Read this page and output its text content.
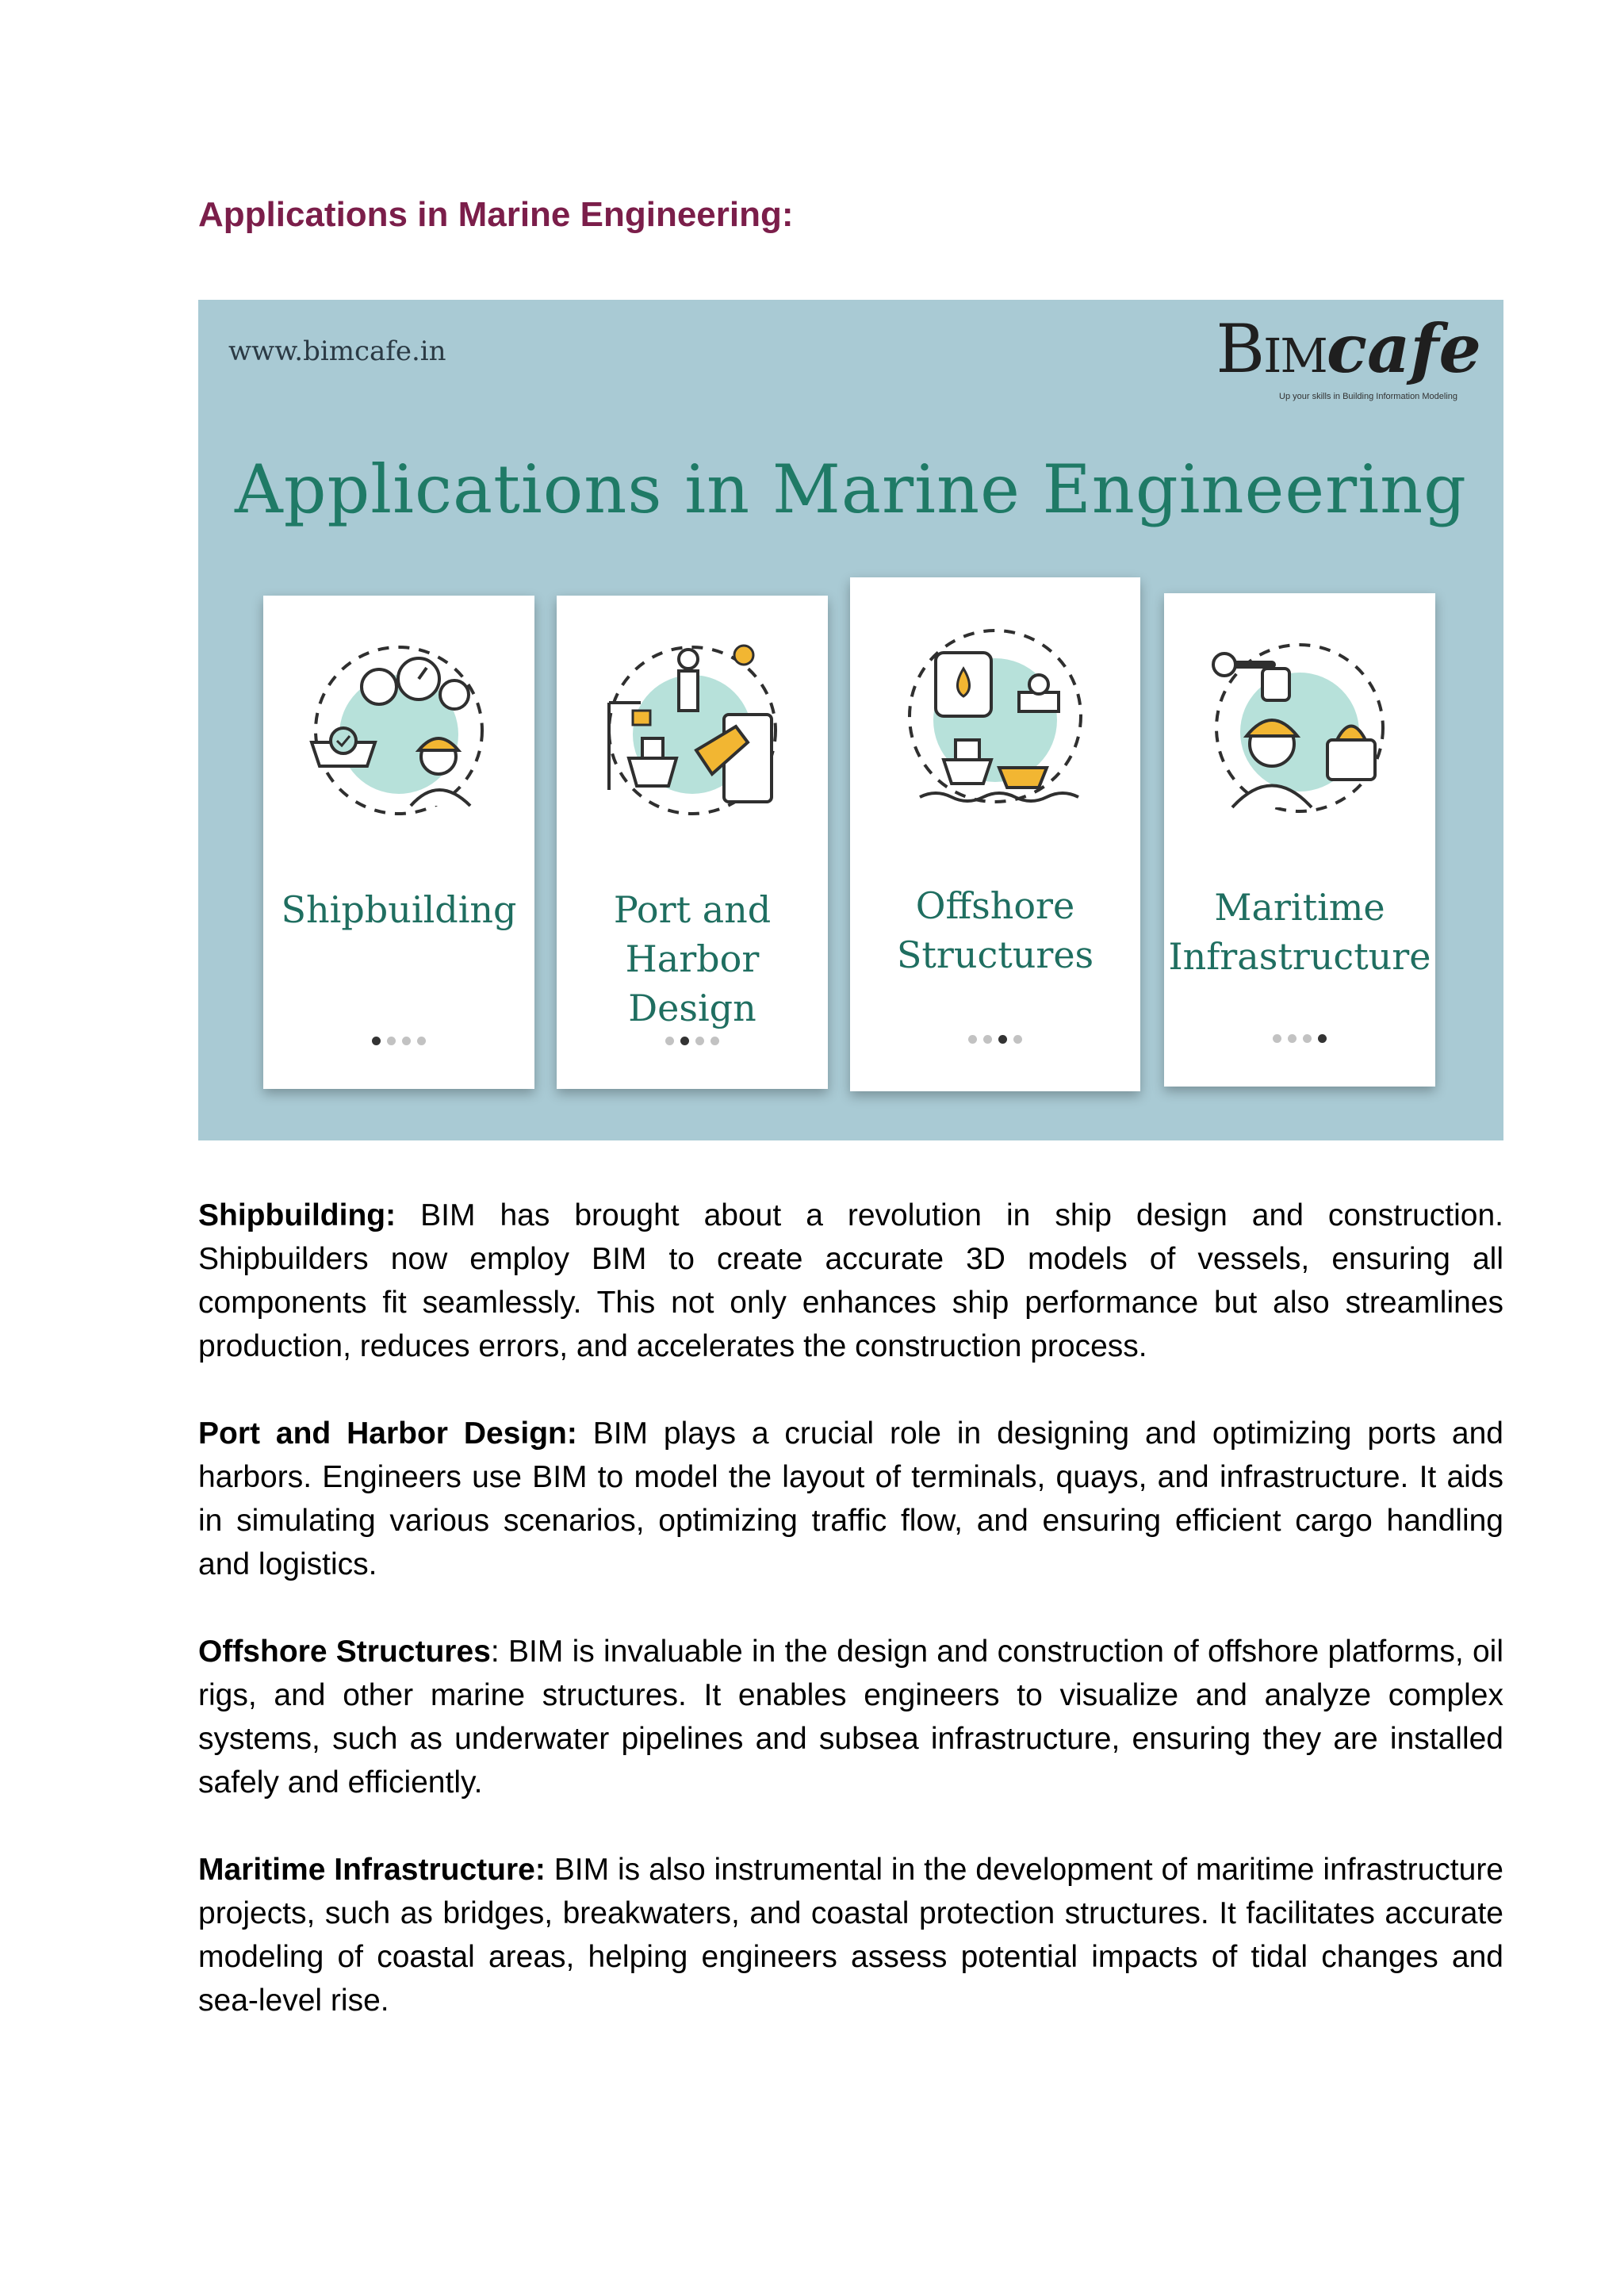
Applications in Marine Engineering:
www.bimcafe.in	Bimcafe
Up your skills in Building Information Modeling
Applications in Marine Engineering
Shipbuilding	Port and
Harbor Design
Offshore
Structures
Maritime
Infrastructure

Shipbuilding: BIM has brought about a revolution in ship design and construction. Shipbuilders now employ BIM to create accurate 3D models of vessels, ensuring all components fit seamlessly. This not only enhances ship performance but also streamlines production, reduces errors, and accelerates the construction process.

Port and Harbor Design: BIM plays a crucial role in designing and optimizing ports and harbors. Engineers use BIM to model the layout of terminals, quays, and infrastructure. It aids in simulating various scenarios, optimizing traffic flow, and ensuring efficient cargo handling and logistics.

Offshore Structures: BIM is invaluable in the design and construction of offshore platforms, oil rigs, and other marine structures. It enables engineers to visualize and analyze complex systems, such as underwater pipelines and subsea infrastructure, ensuring they are installed safely and efficiently.

Maritime Infrastructure: BIM is also instrumental in the development of maritime infrastructure projects, such as bridges, breakwaters, and coastal protection structures. It facilitates accurate modeling of coastal areas, helping engineers assess potential impacts of tidal changes and sea-level rise.
